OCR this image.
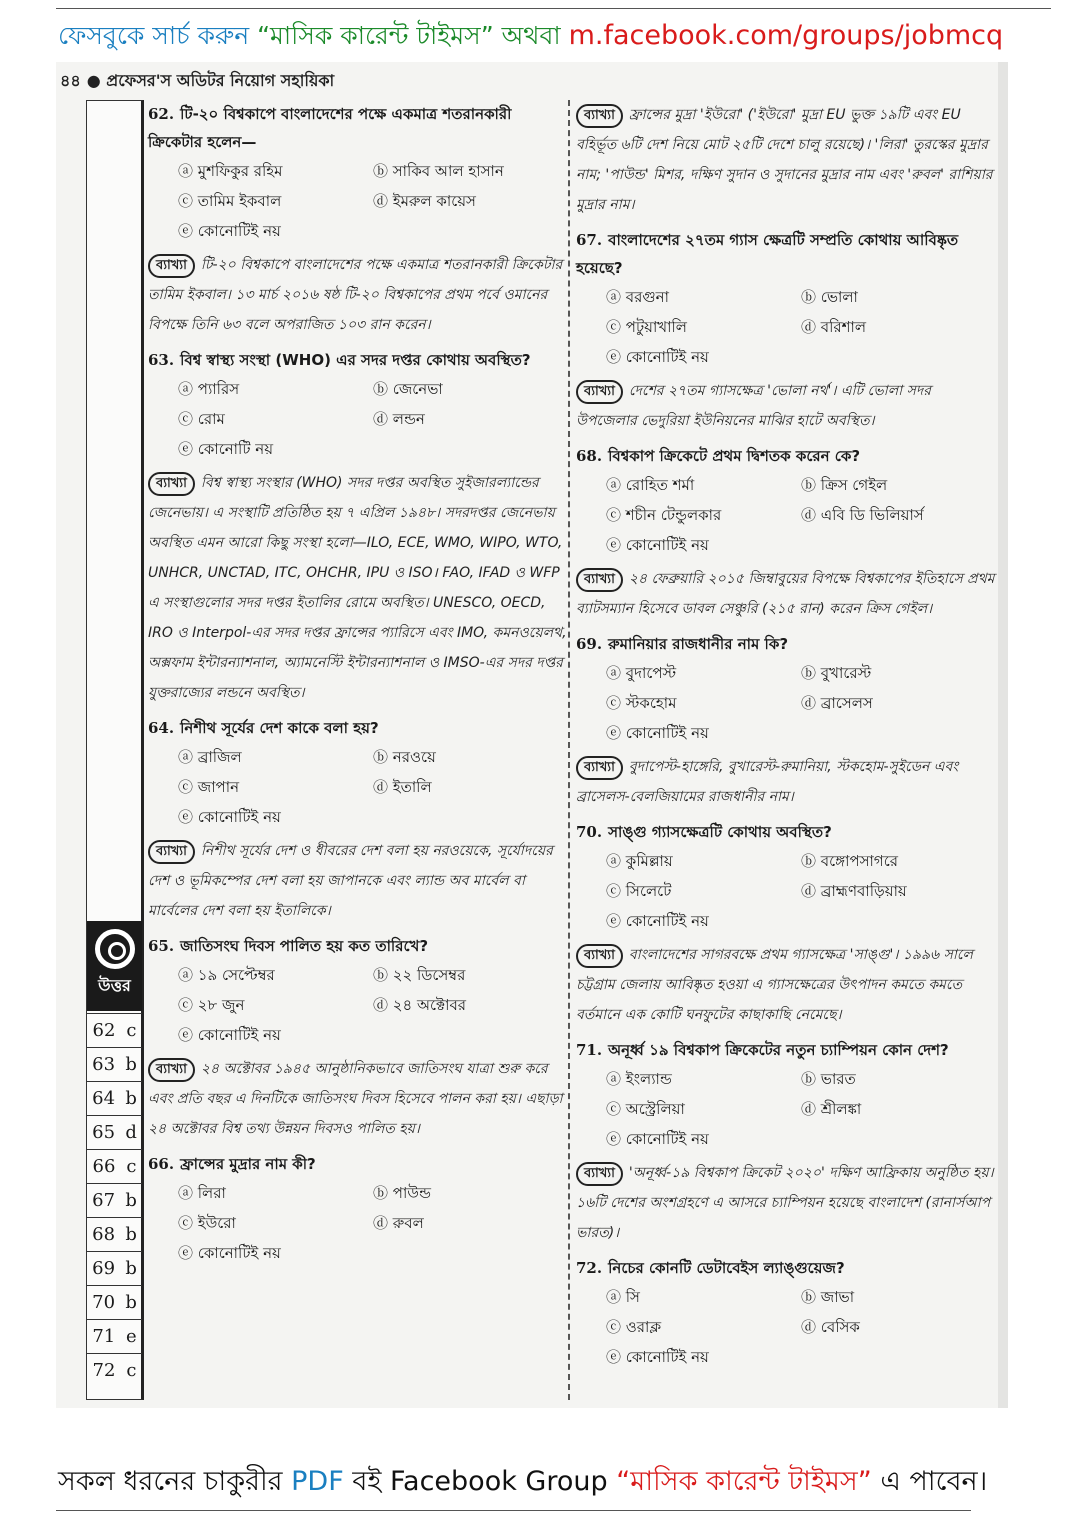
ফেসবুকে সার্চ করুন “মাসিক কারেন্ট টাইমস” অথবা m.facebook.com/groups/jobmcq
৪৪ ● প্রফেসর'স অডিটর নিয়োগ সহায়িকা
উত্তর
62 c
63 b
64 b
65 d
66 c
67 b
68 b
69 b
70 b
71 e
72 c
62. টি-২০ বিশ্বকাপে বাংলাদেশের পক্ষে একমাত্র শতরানকারী ক্রিকেটার হলেন—
ⓐ মুশফিকুর রহিম	ⓑ সাকিব আল হাসান
ⓒ তামিম ইকবাল	ⓓ ইমরুল কায়েস
ⓔ কোনোটিই নয়
ব্যাখ্যা টি-২০ বিশ্বকাপে বাংলাদেশের পক্ষে একমাত্র শতরানকারী ক্রিকেটার তামিম ইকবাল। ১৩ মার্চ ২০১৬ ষষ্ঠ টি-২০ বিশ্বকাপের প্রথম পর্বে ওমানের বিপক্ষে তিনি ৬৩ বলে অপরাজিত ১০৩ রান করেন।
63. বিশ্ব স্বাস্থ্য সংস্থা (WHO) এর সদর দপ্তর কোথায় অবস্থিত?
ⓐ প্যারিস	ⓑ জেনেভা
ⓒ রোম	ⓓ লন্ডন
ⓔ কোনোটি নয়
ব্যাখ্যা বিশ্ব স্বাস্থ্য সংস্থার (WHO) সদর দপ্তর অবস্থিত সুইজারল্যান্ডের জেনেভায়। এ সংস্থাটি প্রতিষ্ঠিত হয় ৭ এপ্রিল ১৯৪৮। সদরদপ্তর জেনেভায় অবস্থিত এমন আরো কিছু সংস্থা হলো—ILO, ECE, WMO, WIPO, WTO, UNHCR, UNCTAD, ITC, OHCHR, IPU ও ISO। FAO, IFAD ও WFP এ সংস্থাগুলোর সদর দপ্তর ইতালির রোমে অবস্থিত। UNESCO, OECD, IRO ও Interpol-এর সদর দপ্তর ফ্রান্সের প্যারিসে এবং IMO, কমনওয়েলথ, অক্সফাম ইন্টারন্যাশনাল, অ্যামনেস্টি ইন্টারন্যাশনাল ও IMSO-এর সদর দপ্তর যুক্তরাজ্যের লন্ডনে অবস্থিত।
64. নিশীথ সূর্যের দেশ কাকে বলা হয়?
ⓐ ব্রাজিল	ⓑ নরওয়ে
ⓒ জাপান	ⓓ ইতালি
ⓔ কোনোটিই নয়
ব্যাখ্যা নিশীথ সূর্যের দেশ ও ধীবরের দেশ বলা হয় নরওয়েকে, সূর্যোদয়ের দেশ ও ভূমিকম্পের দেশ বলা হয় জাপানকে এবং ল্যান্ড অব মার্বেল বা মার্বেলের দেশ বলা হয় ইতালিকে।
65. জাতিসংঘ দিবস পালিত হয় কত তারিখে?
ⓐ ১৯ সেপ্টেম্বর	ⓑ ২২ ডিসেম্বর
ⓒ ২৮ জুন	ⓓ ২৪ অক্টোবর
ⓔ কোনোটিই নয়
ব্যাখ্যা ২৪ অক্টোবর ১৯৪৫ আনুষ্ঠানিকভাবে জাতিসংঘ যাত্রা শুরু করে এবং প্রতি বছর এ দিনটিকে জাতিসংঘ দিবস হিসেবে পালন করা হয়। এছাড়া ২৪ অক্টোবর বিশ্ব তথ্য উন্নয়ন দিবসও পালিত হয়।
66. ফ্রান্সের মুদ্রার নাম কী?
ⓐ লিরা	ⓑ পাউন্ড
ⓒ ইউরো	ⓓ রুবল
ⓔ কোনোটিই নয়
ব্যাখ্যা ফ্রান্সের মুদ্রা 'ইউরো' ('ইউরো' মুদ্রা EU ভুক্ত ১৯টি এবং EU বহির্ভূত ৬টি দেশ নিয়ে মোট ২৫টি দেশে চালু রয়েছে)। 'লিরা' তুরস্কের মুদ্রার নাম; 'পাউন্ড' মিশর, দক্ষিণ সুদান ও সুদানের মুদ্রার নাম এবং 'রুবল' রাশিয়ার মুদ্রার নাম।
67. বাংলাদেশের ২৭তম গ্যাস ক্ষেত্রটি সম্প্রতি কোথায় আবিষ্কৃত হয়েছে?
ⓐ বরগুনা	ⓑ ভোলা
ⓒ পটুয়াখালি	ⓓ বরিশাল
ⓔ কোনোটিই নয়
ব্যাখ্যা দেশের ২৭তম গ্যাসক্ষেত্র 'ভোলা নর্থ'। এটি ভোলা সদর উপজেলার ভেদুরিয়া ইউনিয়নের মাঝির হাটে অবস্থিত।
68. বিশ্বকাপ ক্রিকেটে প্রথম দ্বিশতক করেন কে?
ⓐ রোহিত শর্মা	ⓑ ক্রিস গেইল
ⓒ শচীন টেন্ডুলকার	ⓓ এবি ডি ভিলিয়ার্স
ⓔ কোনোটিই নয়
ব্যাখ্যা ২৪ ফেব্রুয়ারি ২০১৫ জিম্বাবুয়ের বিপক্ষে বিশ্বকাপের ইতিহাসে প্রথম ব্যাটসম্যান হিসেবে ডাবল সেঞ্চুরি (২১৫ রান) করেন ক্রিস গেইল।
69. রুমানিয়ার রাজধানীর নাম কি?
ⓐ বুদাপেস্ট	ⓑ বুখারেস্ট
ⓒ স্টকহোম	ⓓ ব্রাসেলস
ⓔ কোনোটিই নয়
ব্যাখ্যা বুদাপেস্ট-হাঙ্গেরি, বুখারেস্ট-রুমানিয়া, স্টকহোম-সুইডেন এবং ব্রাসেলস-বেলজিয়ামের রাজধানীর নাম।
70. সাঙ্গু গ্যাসক্ষেত্রটি কোথায় অবস্থিত?
ⓐ কুমিল্লায়	ⓑ বঙ্গোপসাগরে
ⓒ সিলেটে	ⓓ ব্রাহ্মণবাড়িয়ায়
ⓔ কোনোটিই নয়
ব্যাখ্যা বাংলাদেশের সাগরবক্ষে প্রথম গ্যাসক্ষেত্র 'সাঙ্গু'। ১৯৯৬ সালে চট্টগ্রাম জেলায় আবিষ্কৃত হওয়া এ গ্যাসক্ষেত্রের উৎপাদন কমতে কমতে বর্তমানে এক কোটি ঘনফুটের কাছাকাছি নেমেছে।
71. অনূর্ধ্ব ১৯ বিশ্বকাপ ক্রিকেটের নতুন চ্যাম্পিয়ন কোন দেশ?
ⓐ ইংল্যান্ড	ⓑ ভারত
ⓒ অস্ট্রেলিয়া	ⓓ শ্রীলঙ্কা
ⓔ কোনোটিই নয়
ব্যাখ্যা 'অনূর্ধ্ব-১৯ বিশ্বকাপ ক্রিকেট ২০২০' দক্ষিণ আফ্রিকায় অনুষ্ঠিত হয়। ১৬টি দেশের অংশগ্রহণে এ আসরে চ্যাম্পিয়ন হয়েছে বাংলাদেশ (রানার্সআপ ভারত)।
72. নিচের কোনটি ডেটাবেইস ল্যাঙ্গুয়েজ?
ⓐ সি	ⓑ জাভা
ⓒ ওরাক্ল	ⓓ বেসিক
ⓔ কোনোটিই নয়
সকল ধরনের চাকুরীর PDF বই Facebook Group “মাসিক কারেন্ট টাইমস” এ পাবেন।
